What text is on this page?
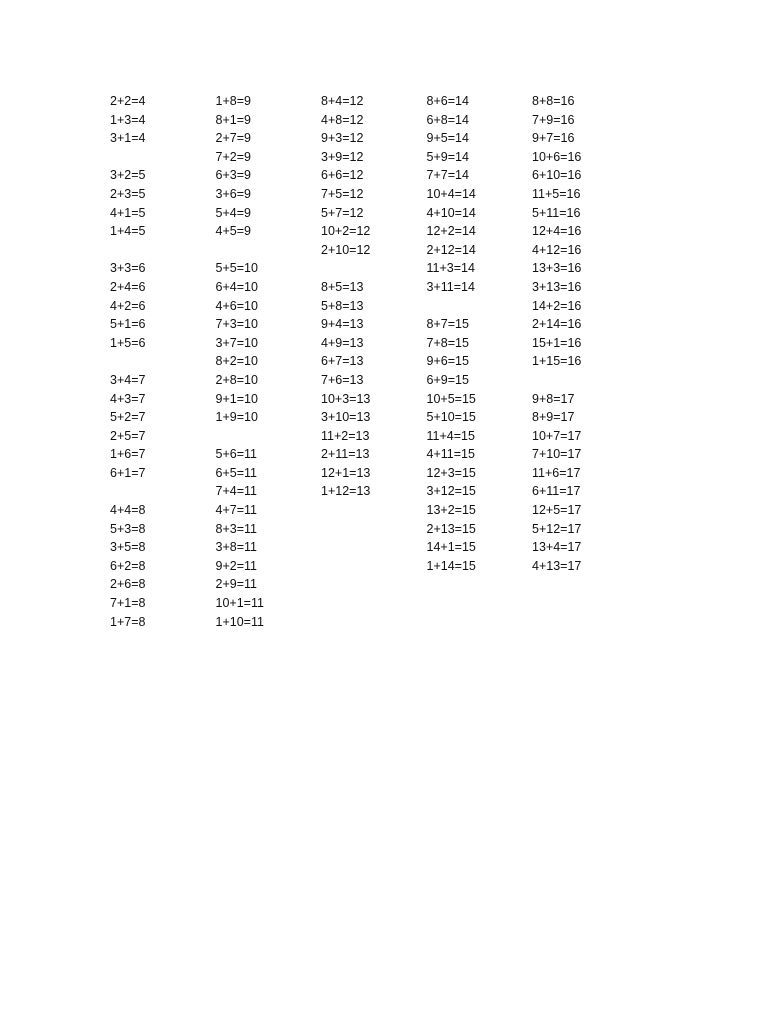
2+2=4
1+3=4
3+1=4
3+2=5
2+3=5
4+1=5
1+4=5
3+3=6
2+4=6
4+2=6
5+1=6
1+5=6
3+4=7
4+3=7
5+2=7
2+5=7
1+6=7
6+1=7
4+4=8
5+3=8
3+5=8
6+2=8
2+6=8
7+1=8
1+7=8
1+8=9
8+1=9
2+7=9
7+2=9
6+3=9
3+6=9
5+4=9
4+5=9
5+5=10
6+4=10
4+6=10
7+3=10
3+7=10
8+2=10
2+8=10
9+1=10
1+9=10
5+6=11
6+5=11
7+4=11
4+7=11
8+3=11
3+8=11
9+2=11
2+9=11
10+1=11
1+10=11
8+4=12
4+8=12
9+3=12
3+9=12
6+6=12
7+5=12
5+7=12
10+2=12
2+10=12
8+5=13
5+8=13
9+4=13
4+9=13
6+7=13
7+6=13
10+3=13
3+10=13
11+2=13
2+11=13
12+1=13
1+12=13
8+6=14
6+8=14
9+5=14
5+9=14
7+7=14
10+4=14
4+10=14
12+2=14
2+12=14
11+3=14
3+11=14
8+7=15
7+8=15
9+6=15
6+9=15
10+5=15
5+10=15
11+4=15
4+11=15
12+3=15
3+12=15
13+2=15
2+13=15
14+1=15
1+14=15
8+8=16
7+9=16
9+7=16
10+6=16
6+10=16
11+5=16
5+11=16
12+4=16
4+12=16
13+3=16
3+13=16
14+2=16
2+14=16
15+1=16
1+15=16
9+8=17
8+9=17
10+7=17
7+10=17
11+6=17
6+11=17
12+5=17
5+12=17
13+4=17
4+13=17
